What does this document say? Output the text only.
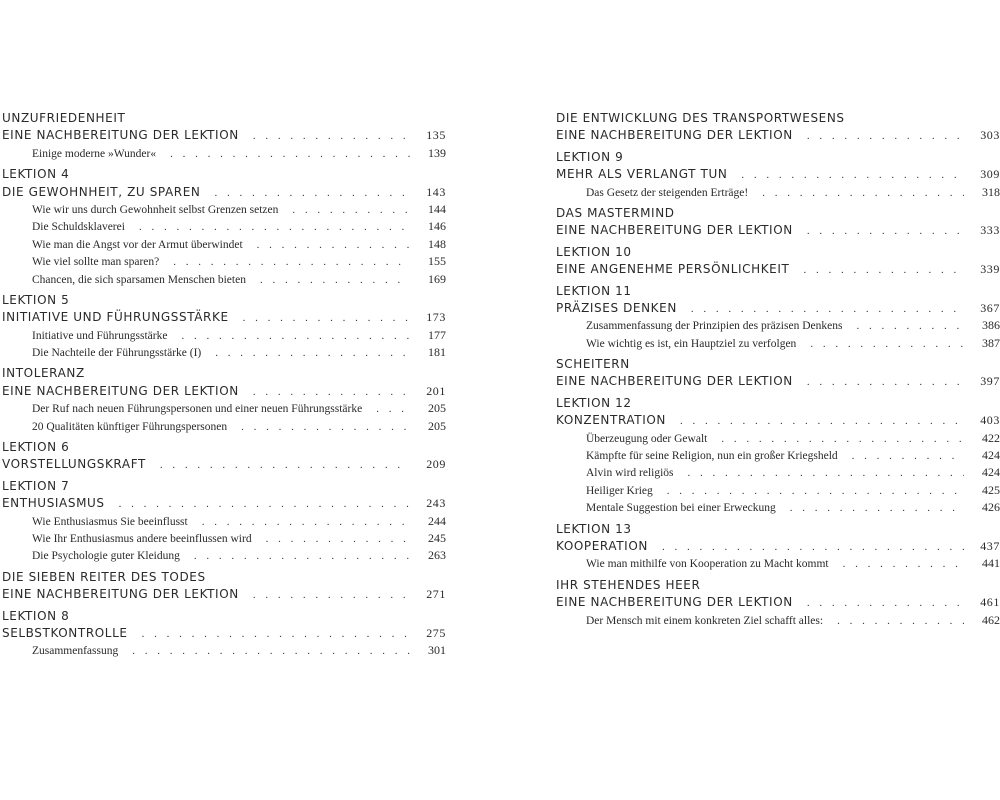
UNZUFRIEDENHEIT
EINE NACHBEREITUNG DER LEKTION . . .	135
Einige moderne »Wunder« . . .	139
LEKTION 4
DIE GEWOHNHEIT, ZU SPAREN . . .	143
Wie wir uns durch Gewohnheit selbst Grenzen setzen . . .	144
Die Schuldsklaverei . . .	146
Wie man die Angst vor der Armut überwindet . . .	148
Wie viel sollte man sparen? . . .	155
Chancen, die sich sparsamen Menschen bieten . . .	169
LEKTION 5
INITIATIVE UND FÜHRUNGSSTÄRKE . . .	173
Initiative und Führungsstärke . . .	177
Die Nachteile der Führungsstärke (I) . . .	181
INTOLERANZ
EINE NACHBEREITUNG DER LEKTION . . .	201
Der Ruf nach neuen Führungspersonen und einer neuen Führungsstärke . . .	205
20 Qualitäten künftiger Führungspersonen . . .	205
LEKTION 6
VORSTELLUNGSKRAFT . . .	209
LEKTION 7
ENTHUSIASMUS . . .	243
Wie Enthusiasmus Sie beeinflusst . . .	244
Wie Ihr Enthusiasmus andere beeinflussen wird . . .	245
Die Psychologie guter Kleidung . . .	263
DIE SIEBEN REITER DES TODES
EINE NACHBEREITUNG DER LEKTION . . .	271
LEKTION 8
SELBSTKONTROLLE . . .	275
Zusammenfassung . . .	301
DIE ENTWICKLUNG DES TRANSPORTWESENS
EINE NACHBEREITUNG DER LEKTION . . .	303
LEKTION 9
MEHR ALS VERLANGT TUN . . .	309
Das Gesetz der steigenden Erträge! . . .	318
DAS MASTERMIND
EINE NACHBEREITUNG DER LEKTION . . .	333
LEKTION 10
EINE ANGENEHME PERSÖNLICHKEIT . . .	339
LEKTION 11
PRÄZISES DENKEN . . .	367
Zusammenfassung der Prinzipien des präzisen Denkens . . .	386
Wie wichtig es ist, ein Hauptziel zu verfolgen . . .	387
SCHEITERN
EINE NACHBEREITUNG DER LEKTION . . .	397
LEKTION 12
KONZENTRATION . . .	403
Überzeugung oder Gewalt . . .	422
Kämpfte für seine Religion, nun ein großer Kriegsheld . . .	424
Alvin wird religiös . . .	424
Heiliger Krieg . . .	425
Mentale Suggestion bei einer Erweckung . . .	426
LEKTION 13
KOOPERATION . . .	437
Wie man mithilfe von Kooperation zu Macht kommt . . .	441
IHR STEHENDES HEER
EINE NACHBEREITUNG DER LEKTION . . .	461
Der Mensch mit einem konkreten Ziel schafft alles: . . .	462
